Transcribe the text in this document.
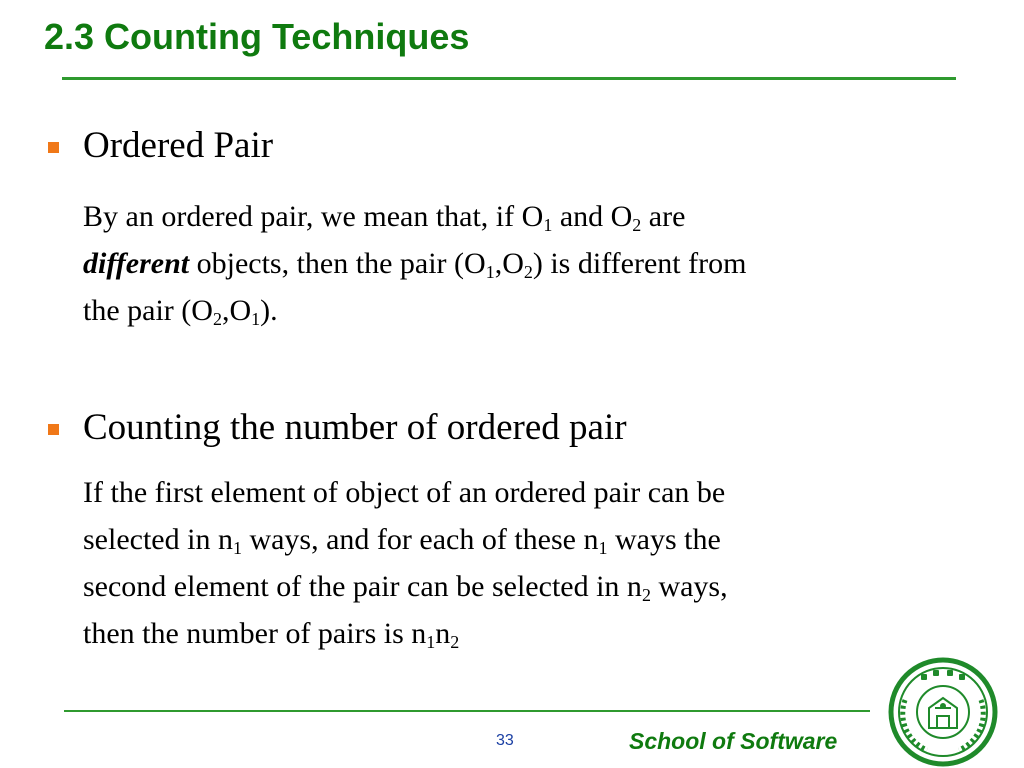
2.3 Counting Techniques

Ordered Pair

By an ordered pair, we mean that, if $O_1$ and $O_2$ are
different objects, then the pair $(O_1,O_2)$ is different from
the pair $(O_2,O_1)$.

Counting the number of ordered pair

If the first element of object of an ordered pair can be
selected in $n_1$ ways, and for each of these $n_1$ ways the
second element of the pair can be selected in $n_2$ ways,
then the number of pairs is $n_1n_2$

33	School of Software
